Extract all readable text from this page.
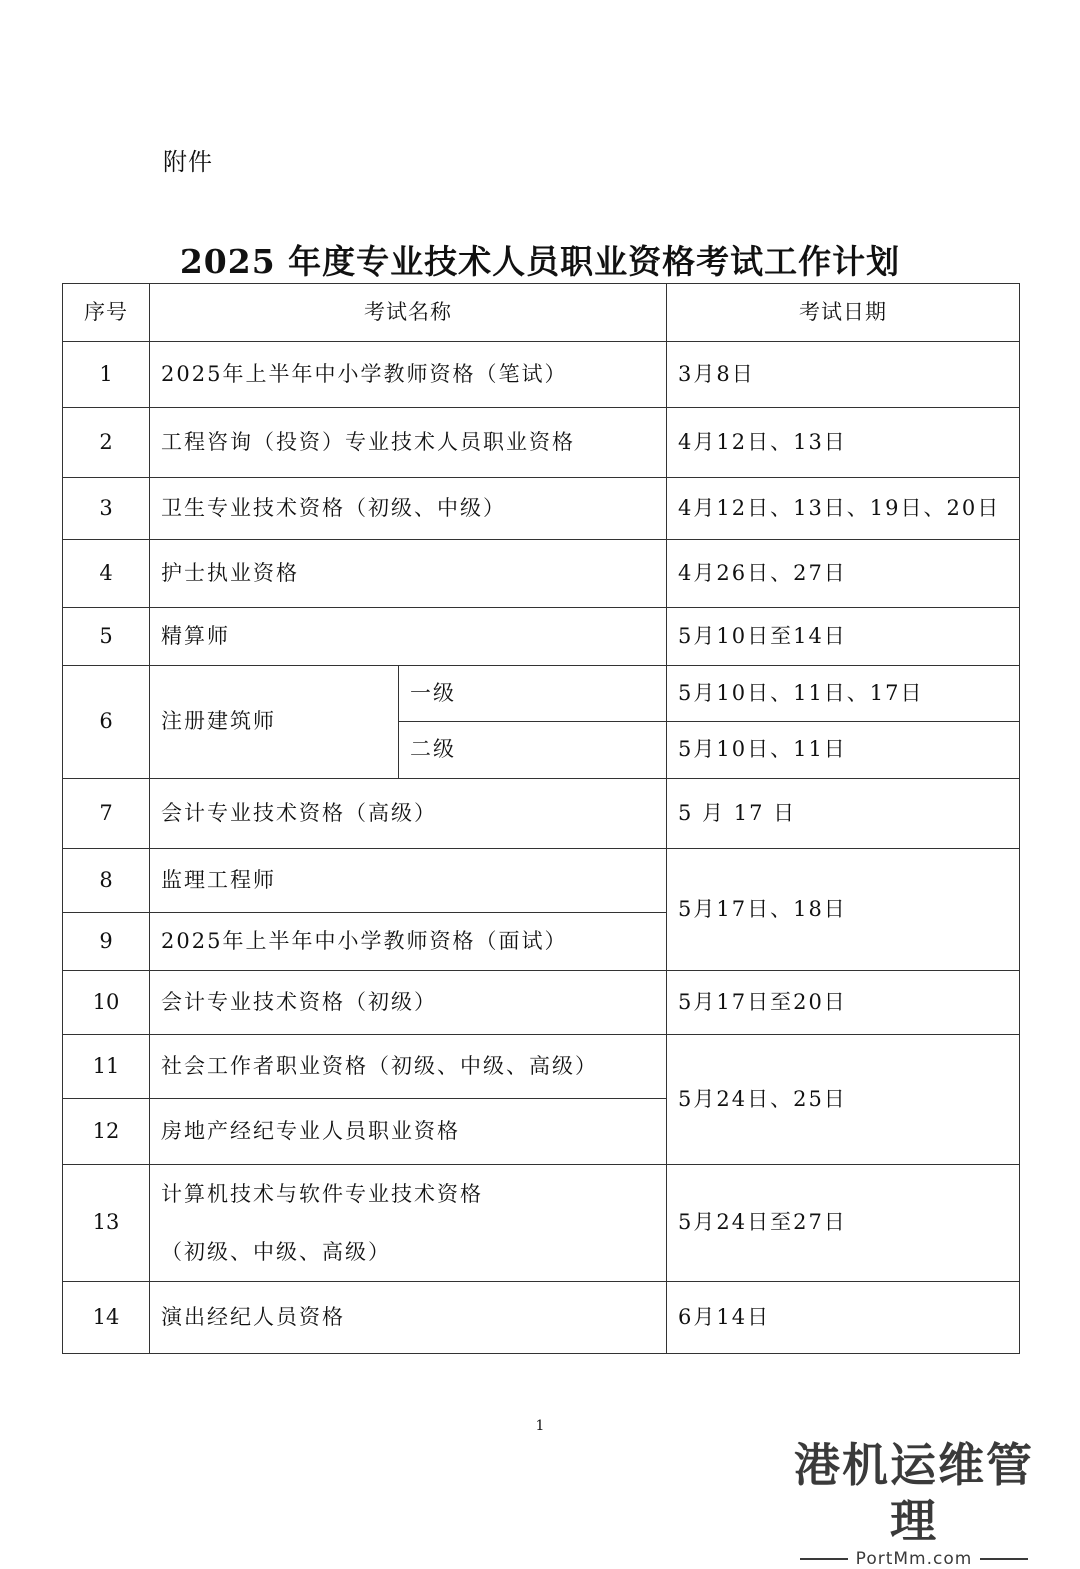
附件
2025 年度专业技术人员职业资格考试工作计划
序号	考试名称		考试日期
1	2025年上半年中小学教师资格（笔试）		3月8日
2	工程咨询（投资）专业技术人员职业资格		4月12日、13日
3	卫生专业技术资格（初级、中级）		4月12日、13日、19日、20日
4	护士执业资格		4月26日、27日
5	精算师		5月10日至14日
6	注册建筑师	一级	5月10日、11日、17日
		二级	5月10日、11日
7	会计专业技术资格（高级）		5 月 17 日
8	监理工程师		5月17日、18日
9	2025年上半年中小学教师资格（面试）		
10	会计专业技术资格（初级）		5月17日至20日
11	社会工作者职业资格（初级、中级、高级）		5月24日、25日
12	房地产经纪专业人员职业资格		
13	计算机技术与软件专业技术资格
（初级、中级、高级）		5月24日至27日
14	演出经纪人员资格		6月14日
1
港机运维管理
PortMm.com
